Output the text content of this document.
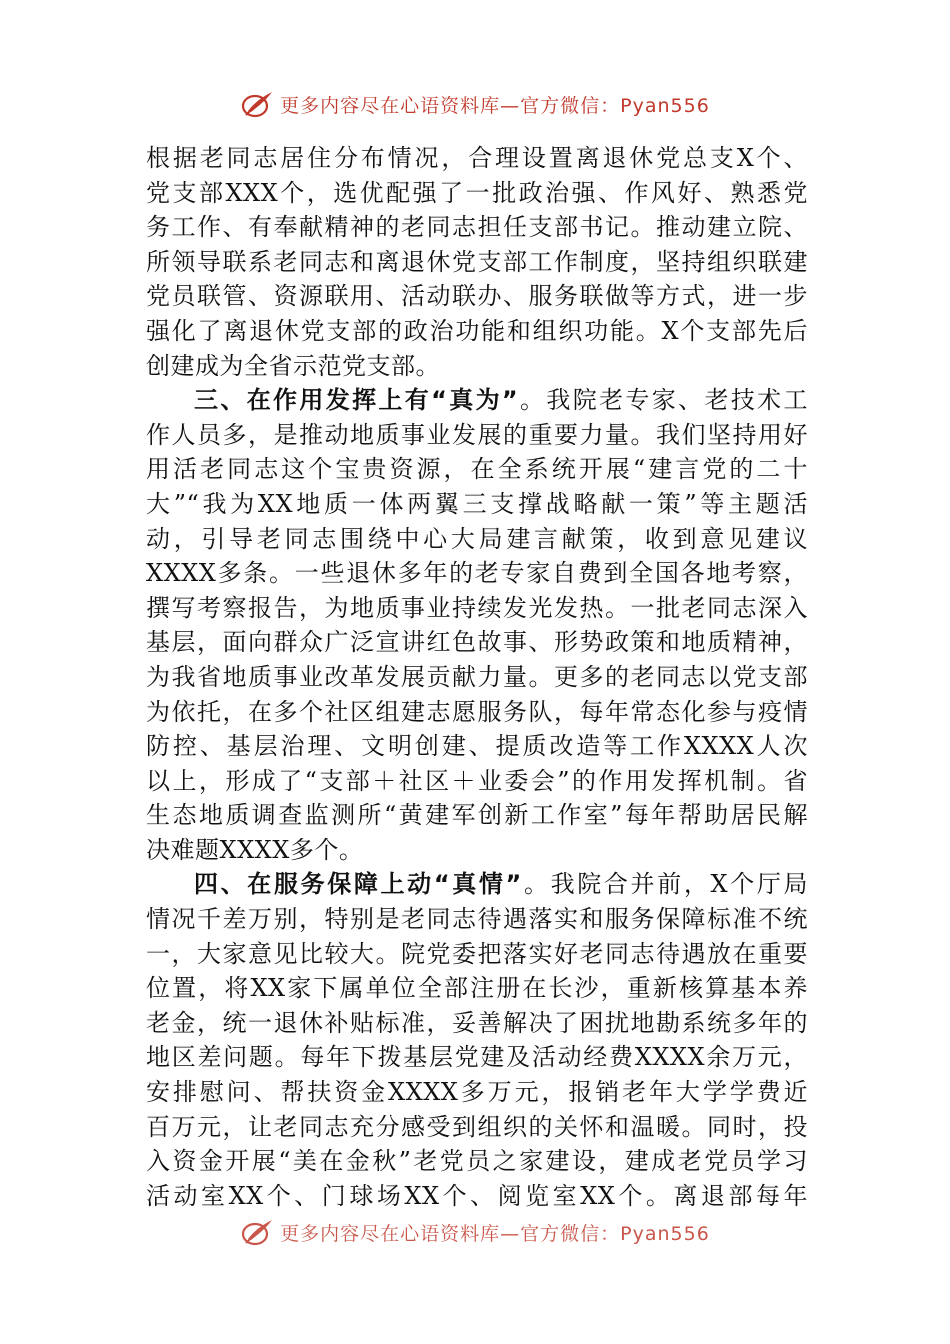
更多内容尽在心语资料库—官方微信：Pyan556
根据老同志居住分布情况，合理设置离退休党总支X个、
党支部XXX个，选优配强了一批政治强、作风好、熟悉党
务工作、有奉献精神的老同志担任支部书记。推动建立院、
所领导联系老同志和离退休党支部工作制度，坚持组织联建
党员联管、资源联用、活动联办、服务联做等方式，进一步
强化了离退休党支部的政治功能和组织功能。X个支部先后
创建成为全省示范党支部。
三、在作用发挥上有“真为”。我院老专家、老技术工
作人员多，是推动地质事业发展的重要力量。我们坚持用好
用活老同志这个宝贵资源，在全系统开展“建言党的二十
大”“我为XX地质一体两翼三支撑战略献一策”等主题活
动，引导老同志围绕中心大局建言献策，收到意见建议
XXXX多条。一些退休多年的老专家自费到全国各地考察，
撰写考察报告，为地质事业持续发光发热。一批老同志深入
基层，面向群众广泛宣讲红色故事、形势政策和地质精神，
为我省地质事业改革发展贡献力量。更多的老同志以党支部
为依托，在多个社区组建志愿服务队，每年常态化参与疫情
防控、基层治理、文明创建、提质改造等工作XXXX人次
以上，形成了“支部＋社区＋业委会”的作用发挥机制。省
生态地质调查监测所“黄建军创新工作室”每年帮助居民解
决难题XXXX多个。
四、在服务保障上动“真情”。我院合并前，X个厅局
情况千差万别，特别是老同志待遇落实和服务保障标准不统
一，大家意见比较大。院党委把落实好老同志待遇放在重要
位置，将XX家下属单位全部注册在长沙，重新核算基本养
老金，统一退休补贴标准，妥善解决了困扰地勘系统多年的
地区差问题。每年下拨基层党建及活动经费XXXX余万元，
安排慰问、帮扶资金XXXX多万元，报销老年大学学费近
百万元，让老同志充分感受到组织的关怀和温暖。同时，投
入资金开展“美在金秋”老党员之家建设，建成老党员学习
活动室XX个、门球场XX个、阅览室XX个。离退部每年
更多内容尽在心语资料库—官方微信：Pyan556
